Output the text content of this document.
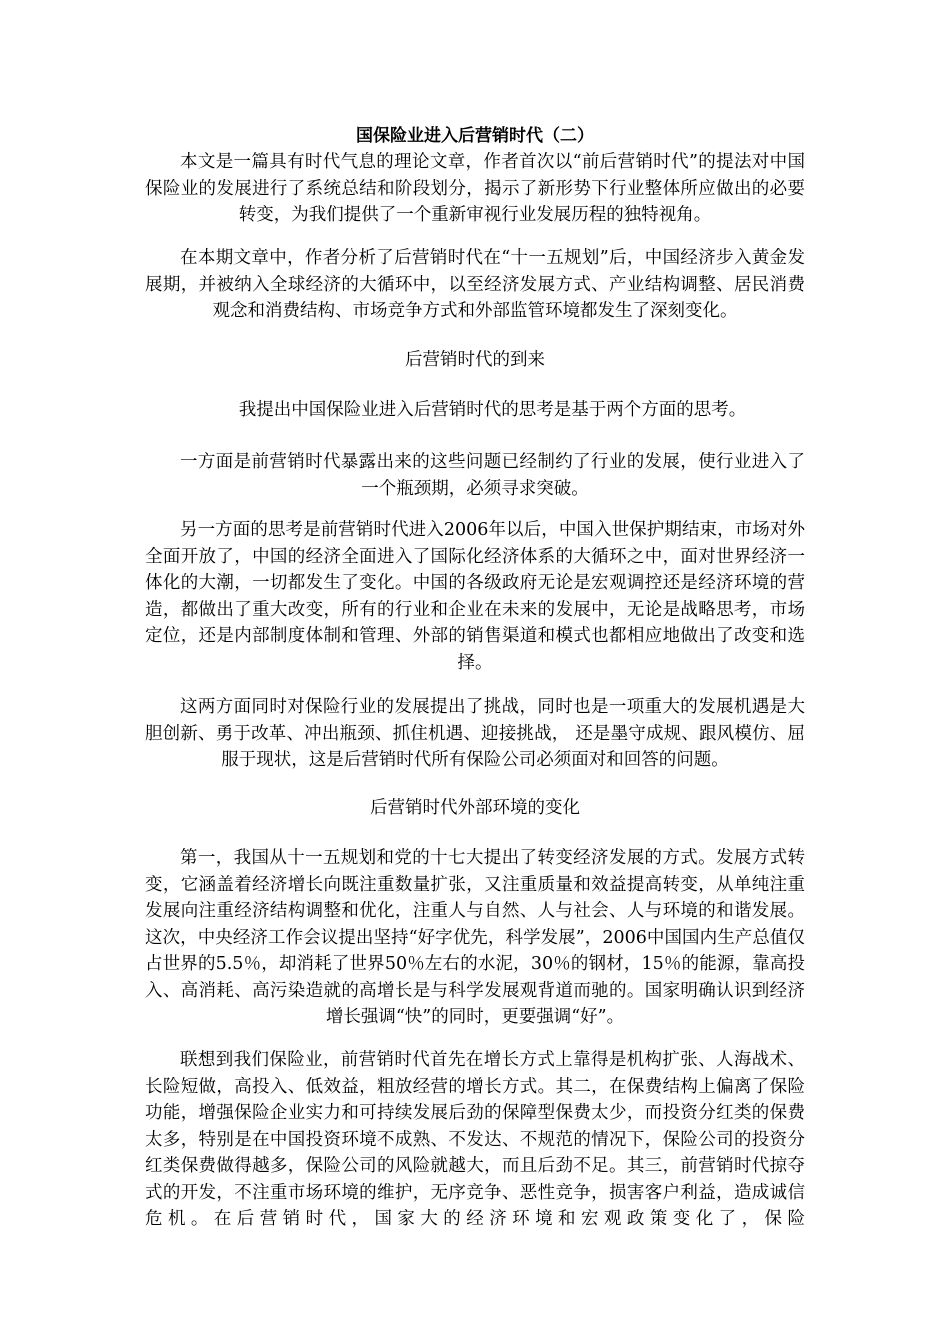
国保险业进入后营销时代（二）

本文是一篇具有时代气息的理论文章，作者首次以“前后营销时代”的提法对中国保险业的发展进行了系统总结和阶段划分，揭示了新形势下行业整体所应做出的必要转变，为我们提供了一个重新审视行业发展历程的独特视角。

在本期文章中，作者分析了后营销时代在“十一五规划”后，中国经济步入黄金发展期，并被纳入全球经济的大循环中，以至经济发展方式、产业结构调整、居民消费观念和消费结构、市场竞争方式和外部监管环境都发生了深刻变化。

后营销时代的到来

我提出中国保险业进入后营销时代的思考是基于两个方面的思考。

一方面是前营销时代暴露出来的这些问题已经制约了行业的发展，使行业进入了一个瓶颈期，必须寻求突破。

另一方面的思考是前营销时代进入2006年以后，中国入世保护期结束，市场对外全面开放了，中国的经济全面进入了国际化经济体系的大循环之中，面对世界经济一体化的大潮，一切都发生了变化。中国的各级政府无论是宏观调控还是经济环境的营造，都做出了重大改变，所有的行业和企业在未来的发展中，无论是战略思考，市场定位，还是内部制度体制和管理、外部的销售渠道和模式也都相应地做出了改变和选择。

这两方面同时对保险行业的发展提出了挑战，同时也是一项重大的发展机遇是大胆创新、勇于改革、冲出瓶颈、抓住机遇、迎接挑战， 还是墨守成规、跟风模仿、屈服于现状，这是后营销时代所有保险公司必须面对和回答的问题。

后营销时代外部环境的变化

第一，我国从十一五规划和党的十七大提出了转变经济发展的方式。发展方式转变，它涵盖着经济增长向既注重数量扩张，又注重质量和效益提高转变，从单纯注重发展向注重经济结构调整和优化，注重人与自然、人与社会、人与环境的和谐发展。这次，中央经济工作会议提出坚持“好字优先，科学发展”，2006中国国内生产总值仅占世界的5.5％，却消耗了世界50％左右的水泥，30％的钢材，15％的能源，靠高投入、高消耗、高污染造就的高增长是与科学发展观背道而驰的。国家明确认识到经济增长强调“快”的同时，更要强调“好”。

联想到我们保险业，前营销时代首先在增长方式上靠得是机构扩张、人海战术、长险短做，高投入、低效益，粗放经营的增长方式。其二，在保费结构上偏离了保险功能，增强保险企业实力和可持续发展后劲的保障型保费太少，而投资分红类的保费太多，特别是在中国投资环境不成熟、不发达、不规范的情况下，保险公司的投资分红类保费做得越多，保险公司的风险就越大，而且后劲不足。其三，前营销时代掠夺式的开发，不注重市场环境的维护，无序竞争、恶性竞争，损害客户利益，造成诚信危机。在后营销时代，国家大的经济环境和宏观政策变化了，保险
